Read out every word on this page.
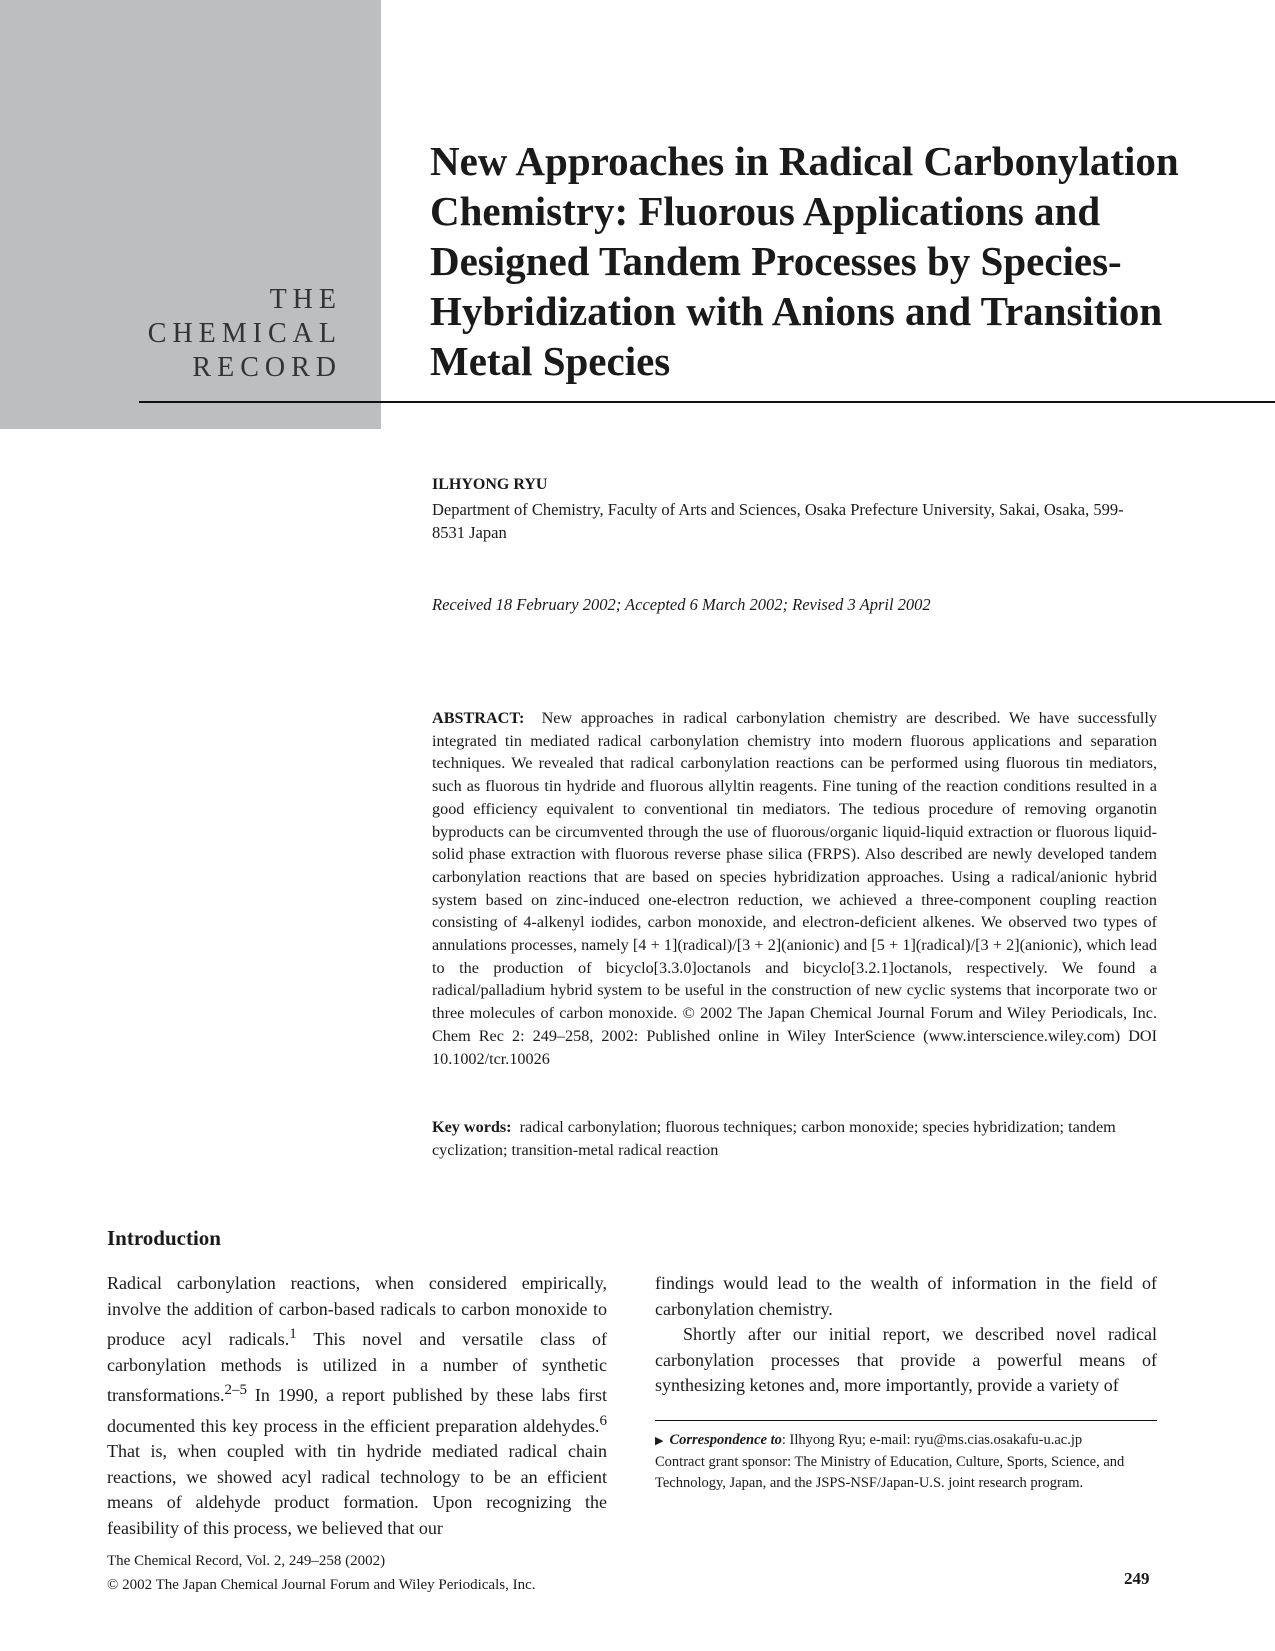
THE
CHEMICAL
RECORD
New Approaches in Radical Carbonylation Chemistry: Fluorous Applications and Designed Tandem Processes by Species-Hybridization with Anions and Transition Metal Species
ILHYONG RYU
Department of Chemistry, Faculty of Arts and Sciences, Osaka Prefecture University, Sakai, Osaka, 599-8531 Japan
Received 18 February 2002; Accepted 6 March 2002; Revised 3 April 2002

ABSTRACT: New approaches in radical carbonylation chemistry are described. We have successfully integrated tin mediated radical carbonylation chemistry into modern fluorous applications and separation techniques. We revealed that radical carbonylation reactions can be performed using fluorous tin mediators, such as fluorous tin hydride and fluorous allyltin reagents. Fine tuning of the reaction conditions resulted in a good efficiency equivalent to conventional tin mediators. The tedious procedure of removing organotin byproducts can be circumvented through the use of fluorous/organic liquid-liquid extraction or fluorous liquid-solid phase extraction with fluorous reverse phase silica (FRPS). Also described are newly developed tandem carbonylation reactions that are based on species hybridization approaches. Using a radical/anionic hybrid system based on zinc-induced one-electron reduction, we achieved a three-component coupling reaction consisting of 4-alkenyl iodides, carbon monoxide, and electron-deficient alkenes. We observed two types of annulations processes, namely [4 + 1](radical)/[3 + 2](anionic) and [5 + 1](radical)/[3 + 2](anionic), which lead to the production of bicyclo[3.3.0]octanols and bicyclo[3.2.1]octanols, respectively. We found a radical/palladium hybrid system to be useful in the construction of new cyclic systems that incorporate two or three molecules of carbon monoxide. © 2002 The Japan Chemical Journal Forum and Wiley Periodicals, Inc. Chem Rec 2: 249–258, 2002: Published online in Wiley InterScience (www.interscience.wiley.com) DOI 10.1002/tcr.10026

Key words: radical carbonylation; fluorous techniques; carbon monoxide; species hybridization; tandem cyclization; transition-metal radical reaction

Introduction

Radical carbonylation reactions, when considered empirically, involve the addition of carbon-based radicals to carbon monoxide to produce acyl radicals.$^1$ This novel and versatile class of carbonylation methods is utilized in a number of synthetic transformations.$^{2-5}$ In 1990, a report published by these labs first documented this key process in the efficient preparation aldehydes.$^6$ That is, when coupled with tin hydride mediated radical chain reactions, we showed acyl radical technology to be an efficient means of aldehyde product formation. Upon recognizing the feasibility of this process, we believed that our

findings would lead to the wealth of information in the field of carbonylation chemistry.

Shortly after our initial report, we described novel radical carbonylation processes that provide a powerful means of synthesizing ketones and, more importantly, provide a variety of

▶ Correspondence to: Ilhyong Ryu; e-mail: ryu@ms.cias.osakafu-u.ac.jp

Contract grant sponsor: The Ministry of Education, Culture, Sports, Science, and Technology, Japan, and the JSPS-NSF/Japan-U.S. joint research program.

The Chemical Record, Vol. 2, 249–258 (2002)
© 2002 The Japan Chemical Journal Forum and Wiley Periodicals, Inc.	249
